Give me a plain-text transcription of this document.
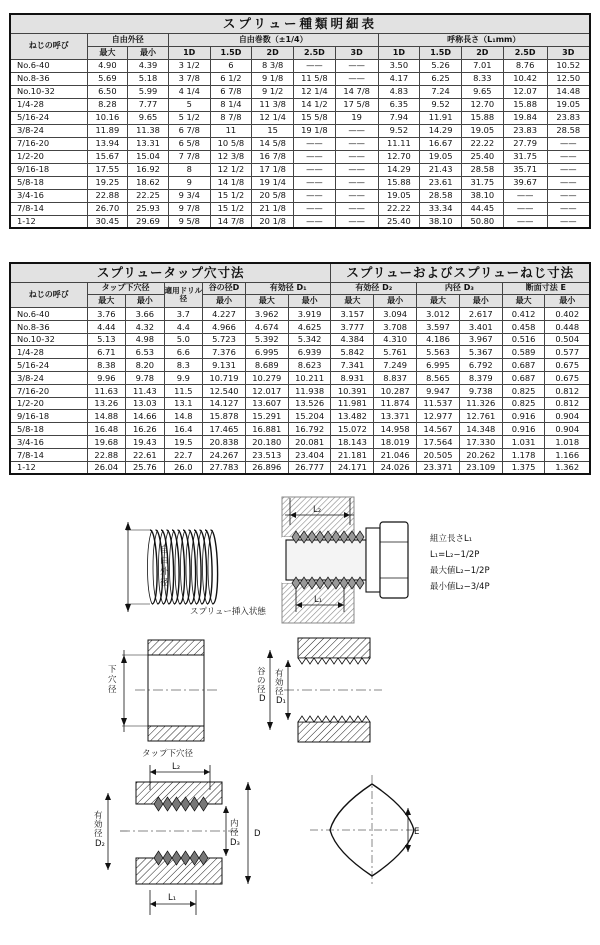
スプリュー種類明細表												
ねじの呼び	自由外径		自由巻数（±1/4）					呼称長さ（L₁mm）				
	最大	最小	1D	1.5D	2D	2.5D	3D	1D	1.5D	2D	2.5D	3D
No.6-40	4.90	4.39	3 1/2	6	8 3/8	——	——	3.50	5.26	7.01	8.76	10.52
No.8-36	5.69	5.18	3 7/8	6 1/2	9 1/8	11 5/8	——	4.17	6.25	8.33	10.42	12.50
No.10-32	6.50	5.99	4 1/4	6 7/8	9 1/2	12 1/4	14 7/8	4.83	7.24	9.65	12.07	14.48
1/4-28	8.28	7.77	5	8 1/4	11 3/8	14 1/2	17 5/8	6.35	9.52	12.70	15.88	19.05
5/16-24	10.16	9.65	5 1/2	8 7/8	12 1/4	15 5/8	19	7.94	11.91	15.88	19.84	23.83
3/8-24	11.89	11.38	6 7/8	11	15	19 1/8	——	9.52	14.29	19.05	23.83	28.58
7/16-20	13.94	13.31	6 5/8	10 5/8	14 5/8	——	——	11.11	16.67	22.22	27.79	——
1/2-20	15.67	15.04	7 7/8	12 3/8	16 7/8	——	——	12.70	19.05	25.40	31.75	——
9/16-18	17.55	16.92	8	12 1/2	17 1/8	——	——	14.29	21.43	28.58	35.71	——
5/8-18	19.25	18.62	9	14 1/8	19 1/4	——	——	15.88	23.61	31.75	39.67	——
3/4-16	22.88	22.25	9 3/4	15 1/2	20 5/8	——	——	19.05	28.58	38.10	——	——
7/8-14	26.70	25.93	9 7/8	15 1/2	21 1/8	——	——	22.22	33.34	44.45	——	——
1-12	30.45	29.69	9 5/8	14 7/8	20 1/8	——	——	25.40	38.10	50.80	——	——
スプリュータップ穴寸法							スプリューおよびスプリューねじ寸法					
ねじの呼び	タップ下穴径		適用ドリル径	谷の径D	有効径 D₁		有効径 D₂		内径 D₃		断面寸法 E	
	最大	最小		最小	最大	最小	最大	最小	最大	最小	最大	最小
No.6-40	3.76	3.66	3.7	4.227	3.962	3.919	3.157	3.094	3.012	2.617	0.412	0.402
No.8-36	4.44	4.32	4.4	4.966	4.674	4.625	3.777	3.708	3.597	3.401	0.458	0.448
No.10-32	5.13	4.98	5.0	5.723	5.392	5.342	4.384	4.310	4.186	3.967	0.516	0.504
1/4-28	6.71	6.53	6.6	7.376	6.995	6.939	5.842	5.761	5.563	5.367	0.589	0.577
5/16-24	8.38	8.20	8.3	9.131	8.689	8.623	7.341	7.249	6.995	6.792	0.687	0.675
3/8-24	9.96	9.78	9.9	10.719	10.279	10.211	8.931	8.837	8.565	8.379	0.687	0.675
7/16-20	11.63	11.43	11.5	12.540	12.017	11.938	10.391	10.287	9.947	9.738	0.825	0.812
1/2-20	13.26	13.03	13.1	14.127	13.607	13.526	11.981	11.874	11.537	11.326	0.825	0.812
9/16-18	14.88	14.66	14.8	15.878	15.291	15.204	13.482	13.371	12.977	12.761	0.916	0.904
5/8-18	16.48	16.26	16.4	17.465	16.881	16.792	15.072	14.958	14.567	14.348	0.916	0.904
3/4-16	19.68	19.43	19.5	20.838	20.180	20.081	18.143	18.019	17.564	17.330	1.031	1.018
7/8-14	22.88	22.61	22.7	24.267	23.513	23.404	21.181	21.046	20.505	20.262	1.178	1.166
1-12	26.04	25.76	26.0	27.783	26.896	26.777	24.171	24.026	23.371	23.109	1.375	1.362
自由外径
L₂
L₁
スプリュー挿入状態
組立長さL₁
L₁=L₂−1/2P
最大値L₂−1/2P
最小値L₂−3/4P
下穴径
タップ下穴径
谷の径 D
有効径 D₁
L₂
有効径 D₂
D
内径 D₃
L₁
E
